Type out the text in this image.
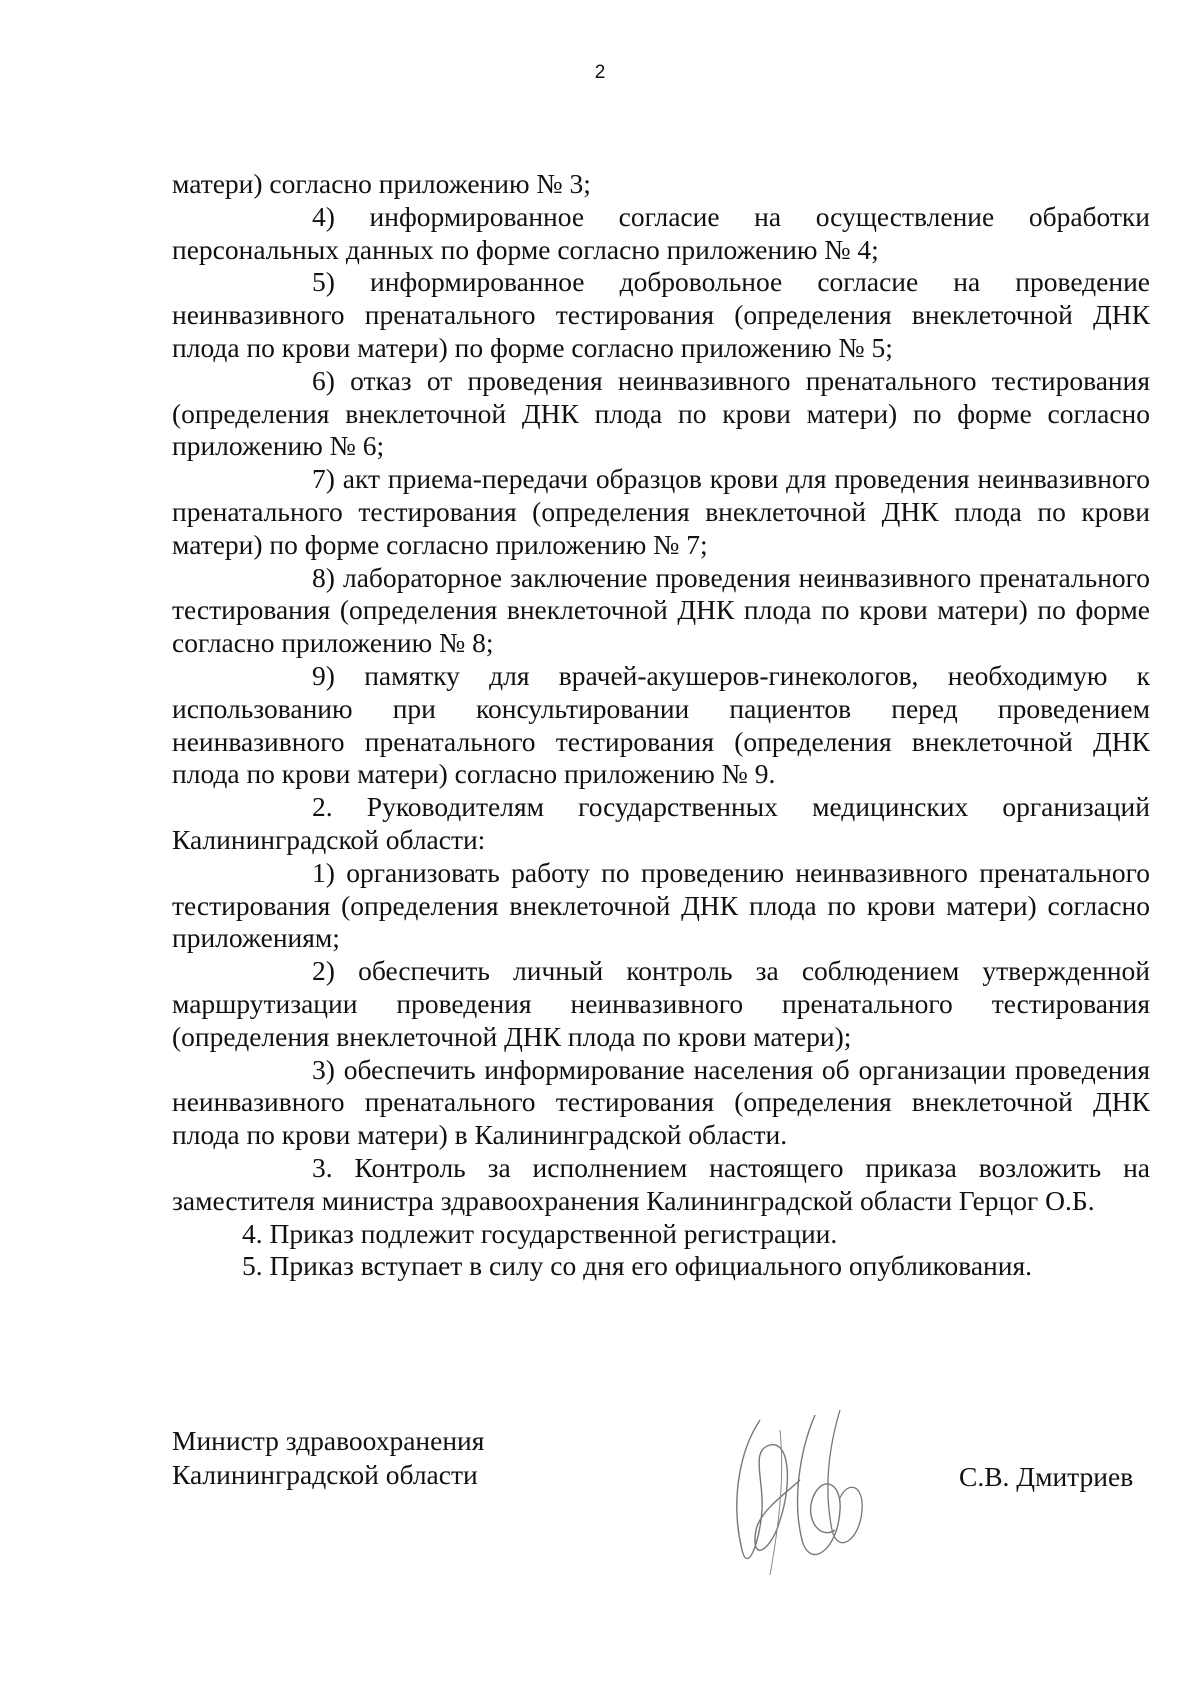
2

матери) согласно приложению № 3;

4) информированное согласие на осуществление обработки персональных данных по форме согласно приложению № 4;

5) информированное добровольное согласие на проведение неинвазивного пренатального тестирования (определения внеклеточной ДНК плода по крови матери) по форме согласно приложению № 5;

6) отказ от проведения неинвазивного пренатального тестирования (определения внеклеточной ДНК плода по крови матери) по форме согласно приложению № 6;

7) акт приема-передачи образцов крови для проведения неинвазивного пренатального тестирования (определения внеклеточной ДНК плода по крови матери) по форме согласно приложению № 7;

8) лабораторное заключение проведения неинвазивного пренатального тестирования (определения внеклеточной ДНК плода по крови матери) по форме согласно приложению № 8;

9) памятку для врачей-акушеров-гинекологов, необходимую к использованию при консультировании пациентов перед проведением неинвазивного пренатального тестирования (определения внеклеточной ДНК плода по крови матери) согласно приложению № 9.

2. Руководителям государственных медицинских организаций Калининградской области:

1) организовать работу по проведению неинвазивного пренатального тестирования (определения внеклеточной ДНК плода по крови матери) согласно приложениям;

2) обеспечить личный контроль за соблюдением утвержденной маршрутизации проведения неинвазивного пренатального тестирования (определения внеклеточной ДНК плода по крови матери);

3) обеспечить информирование населения об организации проведения неинвазивного пренатального тестирования (определения внеклеточной ДНК плода по крови матери) в Калининградской области.

3. Контроль за исполнением настоящего приказа возложить на заместителя министра здравоохранения Калининградской области Герцог О.Б.

4. Приказ подлежит государственной регистрации.

5. Приказ вступает в силу со дня его официального опубликования.

Министр здравоохранения
Калининградской области	С.В. Дмитриев
